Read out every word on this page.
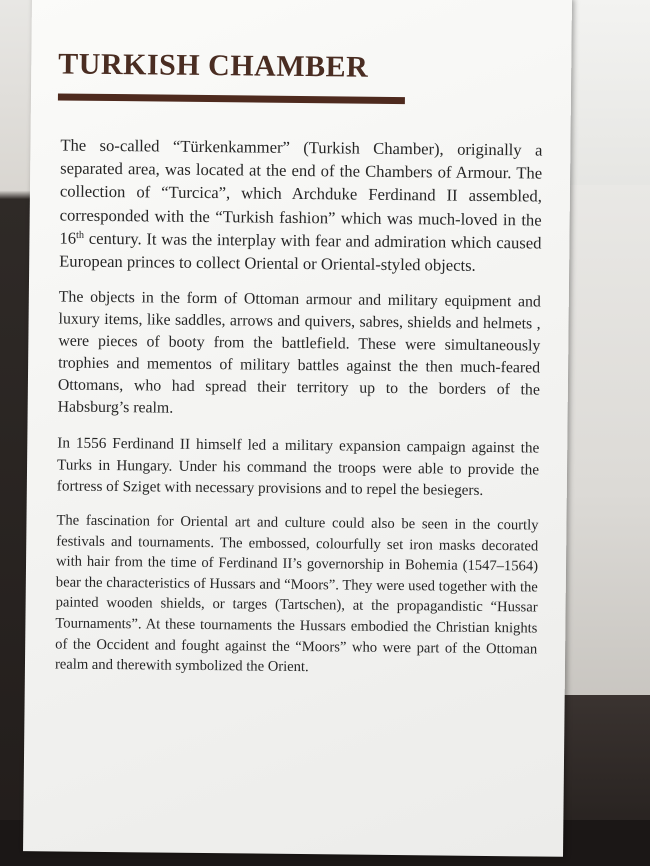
TURKISH CHAMBER

The so-called “Türkenkammer” (Turkish Chamber), originally a separated area, was located at the end of the Chambers of Armour. The collection of “Turcica”, which Archduke Ferdinand II assembled, corresponded with the “Turkish fashion” which was much-loved in the 16th century. It was the interplay with fear and admiration which caused European princes to collect Oriental or Oriental-styled objects.

The objects in the form of Ottoman armour and military equipment and luxury items, like saddles, arrows and quivers, sabres, shields and helmets , were pieces of booty from the battlefield. These were simultaneously trophies and mementos of military battles against the then much-feared Ottomans, who had spread their territory up to the borders of the Habsburg’s realm.

In 1556 Ferdinand II himself led a military expansion campaign against the Turks in Hungary. Under his command the troops were able to provide the fortress of Sziget with necessary provisions and to repel the besiegers.

The fascination for Oriental art and culture could also be seen in the courtly festivals and tournaments. The embossed, colourfully set iron masks decorated with hair from the time of Ferdinand II’s governorship in Bohemia (1547–1564) bear the characteristics of Hussars and “Moors”. They were used together with the painted wooden shields, or targes (Tartschen), at the propagandistic “Hussar Tournaments”. At these tournaments the Hussars embodied the Christian knights of the Occident and fought against the “Moors” who were part of the Ottoman realm and therewith symbolized the Orient.
